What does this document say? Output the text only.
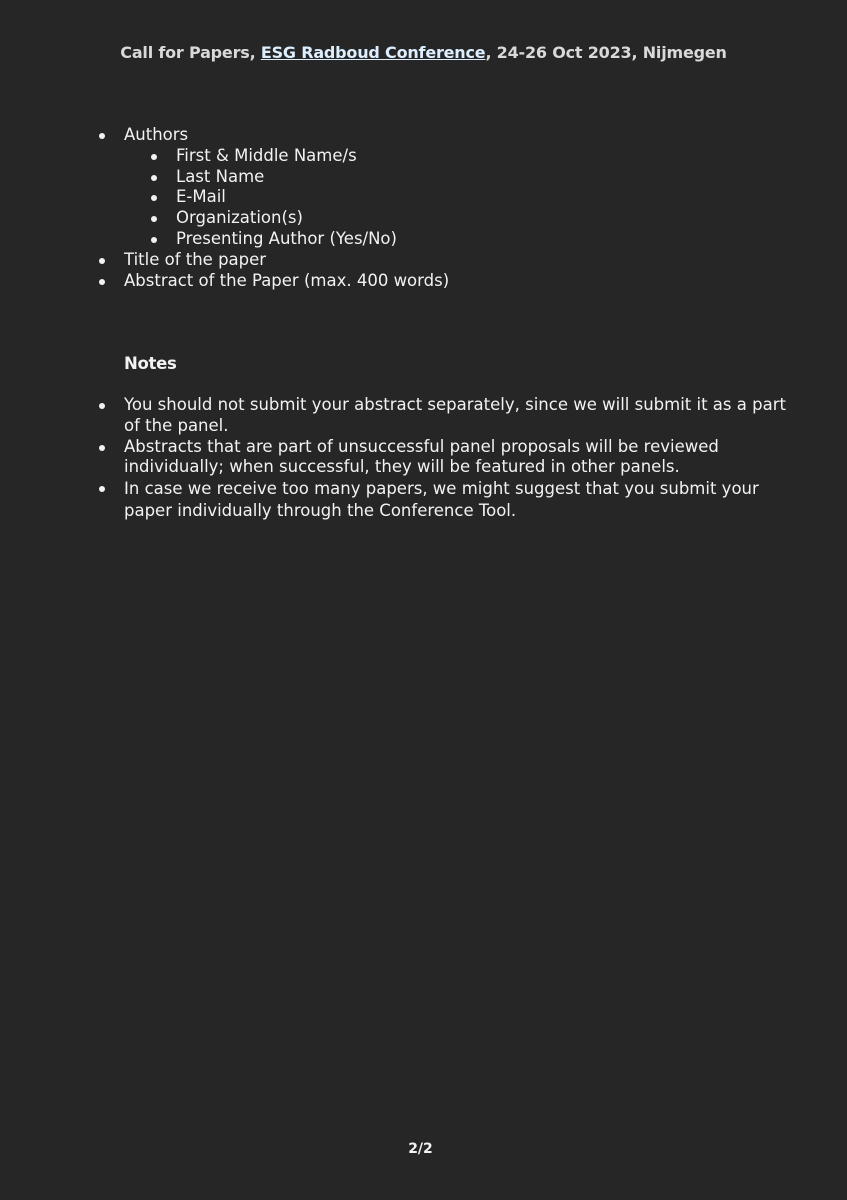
Call for Papers, ESG Radboud Conference, 24-26 Oct 2023, Nijmegen
Authors
First & Middle Name/s
Last Name
E-Mail
Organization(s)
Presenting Author (Yes/No)
Title of the paper
Abstract of the Paper (max. 400 words)
Notes
You should not submit your abstract separately, since we will submit it as a part of the panel.
Abstracts that are part of unsuccessful panel proposals will be reviewed individually; when successful, they will be featured in other panels.
In case we receive too many papers, we might suggest that you submit your paper individually through the Conference Tool.
2/2
